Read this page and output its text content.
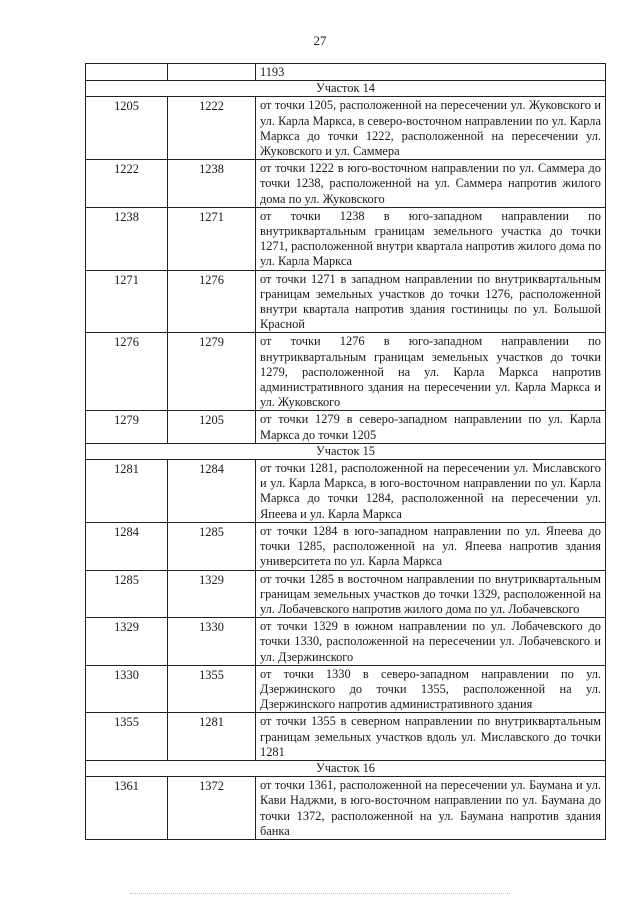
27
		1193
Участок 14		
1205	1222	от точки 1205, расположенной на пересечении ул. Жуковского и ул. Карла Маркса, в северо-восточном направлении по ул. Карла Маркса до точки 1222, расположенной на пересечении ул. Жуковского и ул. Саммера
1222	1238	от точки 1222 в юго-восточном направлении по ул. Саммера до точки 1238, расположенной на ул. Саммера напротив жилого дома по ул. Жуковского
1238	1271	от точки 1238 в юго-западном направлении по внутриквартальным границам земельного участка до точки 1271, расположенной внутри квартала напротив жилого дома по ул. Карла Маркса
1271	1276	от точки 1271 в западном направлении по внутриквартальным границам земельных участков до точки 1276, расположенной внутри квартала напротив здания гостиницы по ул. Большой Красной
1276	1279	от точки 1276 в юго-западном направлении по внутриквартальным границам земельных участков до точки 1279, расположенной на ул. Карла Маркса напротив административного здания на пересечении ул. Карла Маркса и ул. Жуковского
1279	1205	от точки 1279 в северо-западном направлении по ул. Карла Маркса до точки 1205
Участок 15		
1281	1284	от точки 1281, расположенной на пересечении ул. Миславского и ул. Карла Маркса, в юго-восточном направлении по ул. Карла Маркса до точки 1284, расположенной на пересечении ул. Япеева и ул. Карла Маркса
1284	1285	от точки 1284 в юго-западном направлении по ул. Япеева до точки 1285, расположенной на ул. Япеева напротив здания университета по ул. Карла Маркса
1285	1329	от точки 1285 в восточном направлении по внутриквартальным границам земельных участков до точки 1329, расположенной на ул. Лобачевского напротив жилого дома по ул. Лобачевского
1329	1330	от точки 1329 в южном направлении по ул. Лобачевского до точки 1330, расположенной на пересечении ул. Лобачевского и ул. Дзержинского
1330	1355	от точки 1330 в северо-западном направлении по ул. Дзержинского до точки 1355, расположенной на ул. Дзержинского напротив административного здания
1355	1281	от точки 1355 в северном направлении по внутриквартальным границам земельных участков вдоль ул. Миславского до точки 1281
Участок 16		
1361	1372	от точки 1361, расположенной на пересечении ул. Баумана и ул. Кави Наджми, в юго-восточном направлении по ул. Баумана до точки 1372, расположенной на ул. Баумана напротив здания банка
